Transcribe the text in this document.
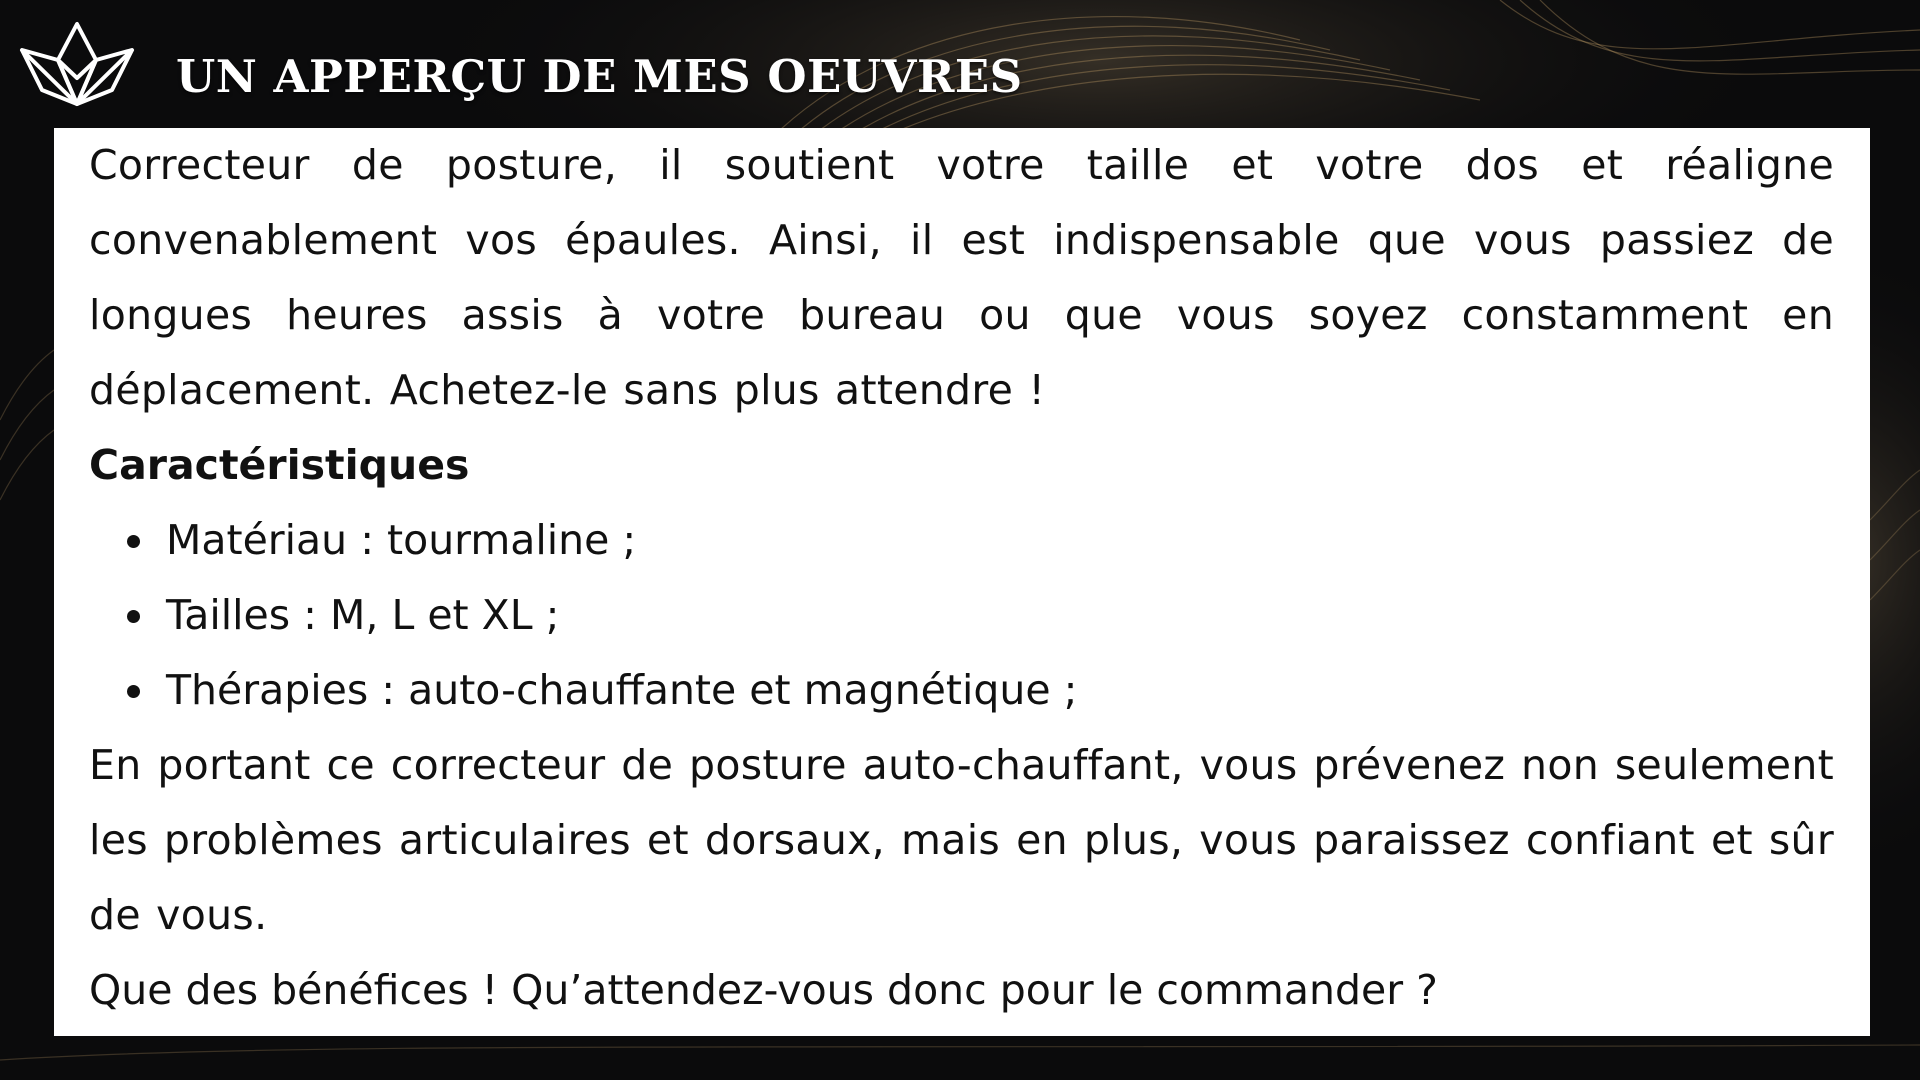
UN APPERÇU DE MES OEUVRES

Correcteur de posture, il soutient votre taille et votre dos et réaligne convenablement vos épaules. Ainsi, il est indispensable que vous passiez de longues heures assis à votre bureau ou que vous soyez constamment en déplacement. Achetez-le sans plus attendre !

Caractéristiques

Matériau : tourmaline ;
Tailles : M, L et XL ;
Thérapies : auto-chauffante et magnétique ;

En portant ce correcteur de posture auto-chauffant, vous prévenez non seulement les problèmes articulaires et dorsaux, mais en plus, vous paraissez confiant et sûr de vous.

Que des bénéfices ! Qu’attendez-vous donc pour le commander ?
